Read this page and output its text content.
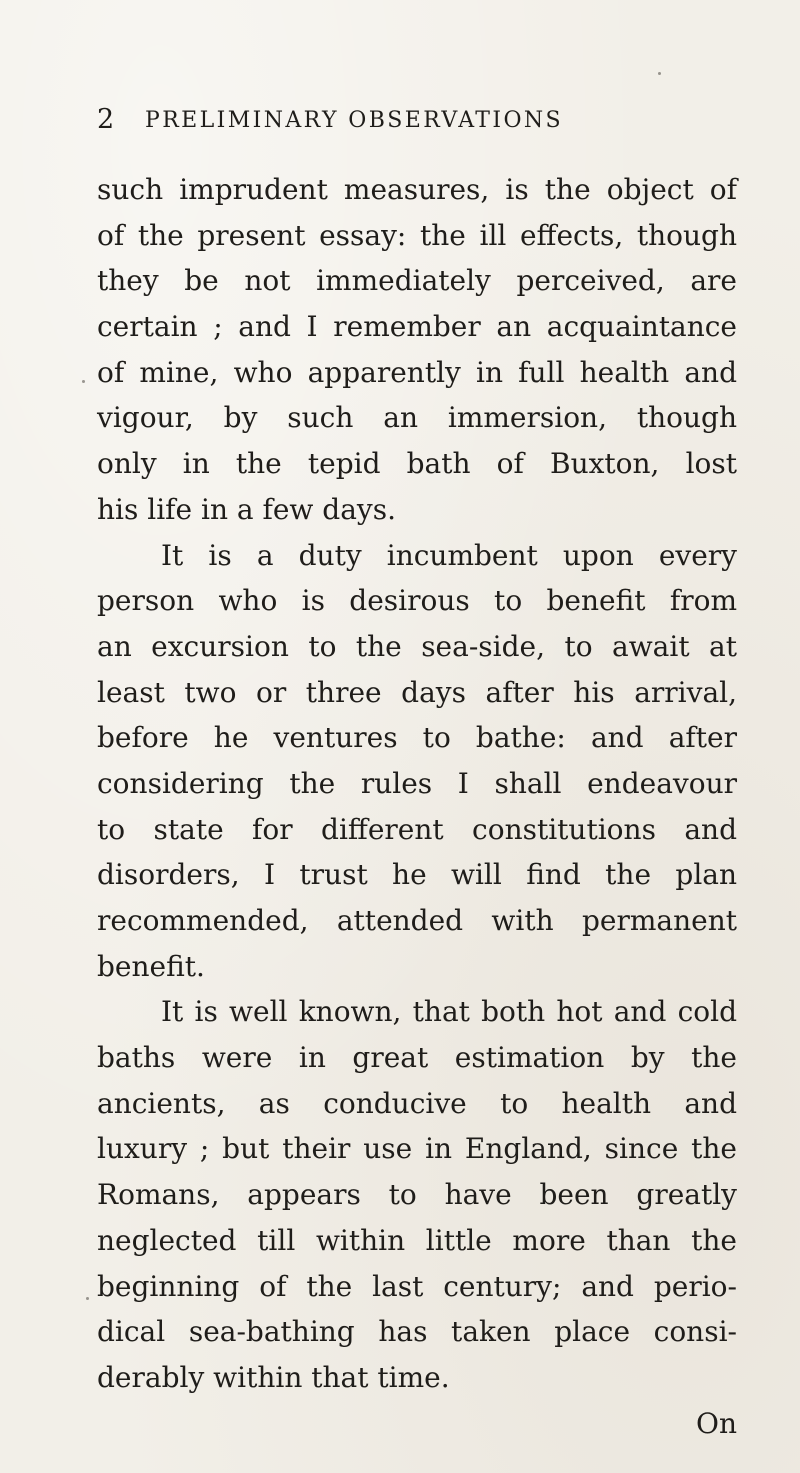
2 PRELIMINARY OBSERVATIONS
such imprudent measures, is the object of
of the present essay: the ill effects, though
they be not immediately perceived, are
certain ; and I remember an acquaintance
of mine, who apparently in full health and
vigour, by such an immersion, though
only in the tepid bath of Buxton, lost
his life in a few days.
It is a duty incumbent upon every
person who is desirous to benefit from
an excursion to the sea-side, to await at
least two or three days after his arrival,
before he ventures to bathe: and after
considering the rules I shall endeavour
to state for different constitutions and
disorders, I trust he will find the plan
recommended, attended with permanent
benefit.
It is well known, that both hot and cold
baths were in great estimation by the
ancients, as conducive to health and
luxury ; but their use in England, since the
Romans, appears to have been greatly
neglected till within little more than the
beginning of the last century; and perio-
dical sea-bathing has taken place consi-
derably within that time.
On
